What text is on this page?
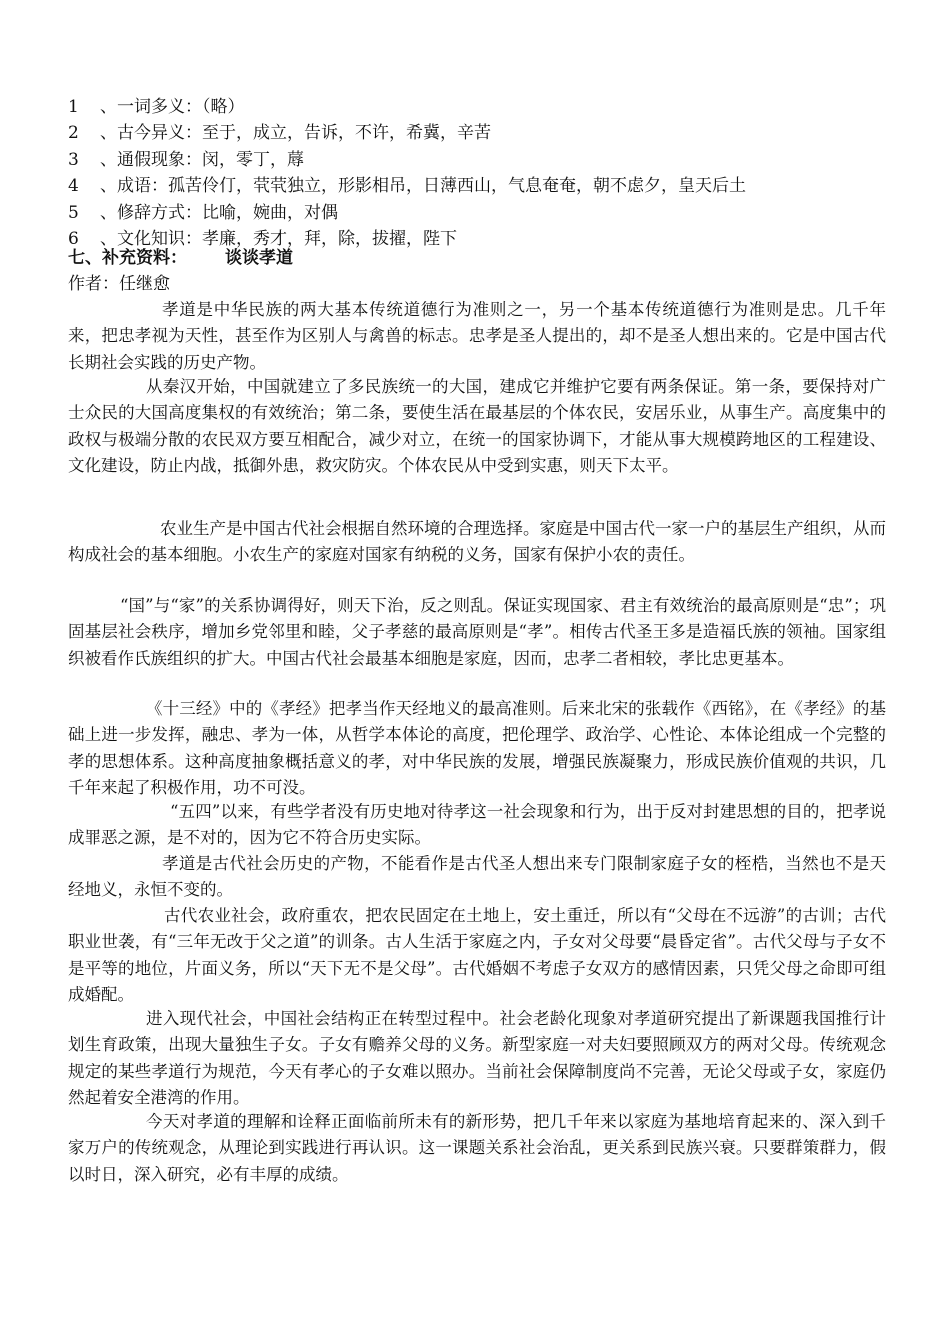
1 、一词多义：（略）
2 、古今异义：至于，成立，告诉，不许，希冀，辛苦
3 、通假现象：闵，零丁，蓐
4 、成语：孤苦伶仃，茕茕独立，形影相吊，日薄西山，气息奄奄，朝不虑夕，皇天后土
5 、修辞方式：比喻，婉曲，对偶
6 、文化知识：孝廉，秀才，拜，除，拔擢，陛下
七、补充资料： 谈谈孝道
作者：任继愈

孝道是中华民族的两大基本传统道德行为准则之一，另一个基本传统道德行为准则是忠。几千年来，把忠孝视为天性，甚至作为区别人与禽兽的标志。忠孝是圣人提出的，却不是圣人想出来的。它是中国古代长期社会实践的历史产物。

从秦汉开始，中国就建立了多民族统一的大国，建成它并维护它要有两条保证。第一条，要保持对广士众民的大国高度集权的有效统治；第二条，要使生活在最基层的个体农民，安居乐业，从事生产。高度集中的政权与极端分散的农民双方要互相配合，减少对立，在统一的国家协调下，才能从事大规模跨地区的工程建设、文化建设，防止内战，抵御外患，救灾防灾。个体农民从中受到实惠，则天下太平。

农业生产是中国古代社会根据自然环境的合理选择。家庭是中国古代一家一户的基层生产组织，从而构成社会的基本细胞。小农生产的家庭对国家有纳税的义务，国家有保护小农的责任。

“国”与“家”的关系协调得好，则天下治，反之则乱。保证实现国家、君主有效统治的最高原则是“忠”；巩固基层社会秩序，增加乡党邻里和睦，父子孝慈的最高原则是“孝”。相传古代圣王多是造福氏族的领袖。国家组织被看作氏族组织的扩大。中国古代社会最基本细胞是家庭，因而，忠孝二者相较，孝比忠更基本。

《十三经》中的《孝经》把孝当作天经地义的最高准则。后来北宋的张载作《西铭》，在《孝经》的基础上进一步发挥，融忠、孝为一体，从哲学本体论的高度，把伦理学、政治学、心性论、本体论组成一个完整的孝的思想体系。这种高度抽象概括意义的孝，对中华民族的发展，增强民族凝聚力，形成民族价值观的共识，几千年来起了积极作用，功不可没。

“五四”以来，有些学者没有历史地对待孝这一社会现象和行为，出于反对封建思想的目的，把孝说成罪恶之源，是不对的，因为它不符合历史实际。

孝道是古代社会历史的产物，不能看作是古代圣人想出来专门限制家庭子女的桎梏，当然也不是天经地义，永恒不变的。

古代农业社会，政府重农，把农民固定在土地上，安土重迁，所以有“父母在不远游”的古训；古代职业世袭，有“三年无改于父之道”的训条。古人生活于家庭之内，子女对父母要“晨昏定省”。古代父母与子女不是平等的地位，片面义务，所以“天下无不是父母”。古代婚姻不考虑子女双方的感情因素，只凭父母之命即可组成婚配。

进入现代社会，中国社会结构正在转型过程中。社会老龄化现象对孝道研究提出了新课题我国推行计划生育政策，出现大量独生子女。子女有赡养父母的义务。新型家庭一对夫妇要照顾双方的两对父母。传统观念规定的某些孝道行为规范，今天有孝心的子女难以照办。当前社会保障制度尚不完善，无论父母或子女，家庭仍然起着安全港湾的作用。

今天对孝道的理解和诠释正面临前所未有的新形势，把几千年来以家庭为基地培育起来的、深入到千家万户的传统观念，从理论到实践进行再认识。这一课题关系社会治乱，更关系到民族兴衰。只要群策群力，假以时日，深入研究，必有丰厚的成绩。
